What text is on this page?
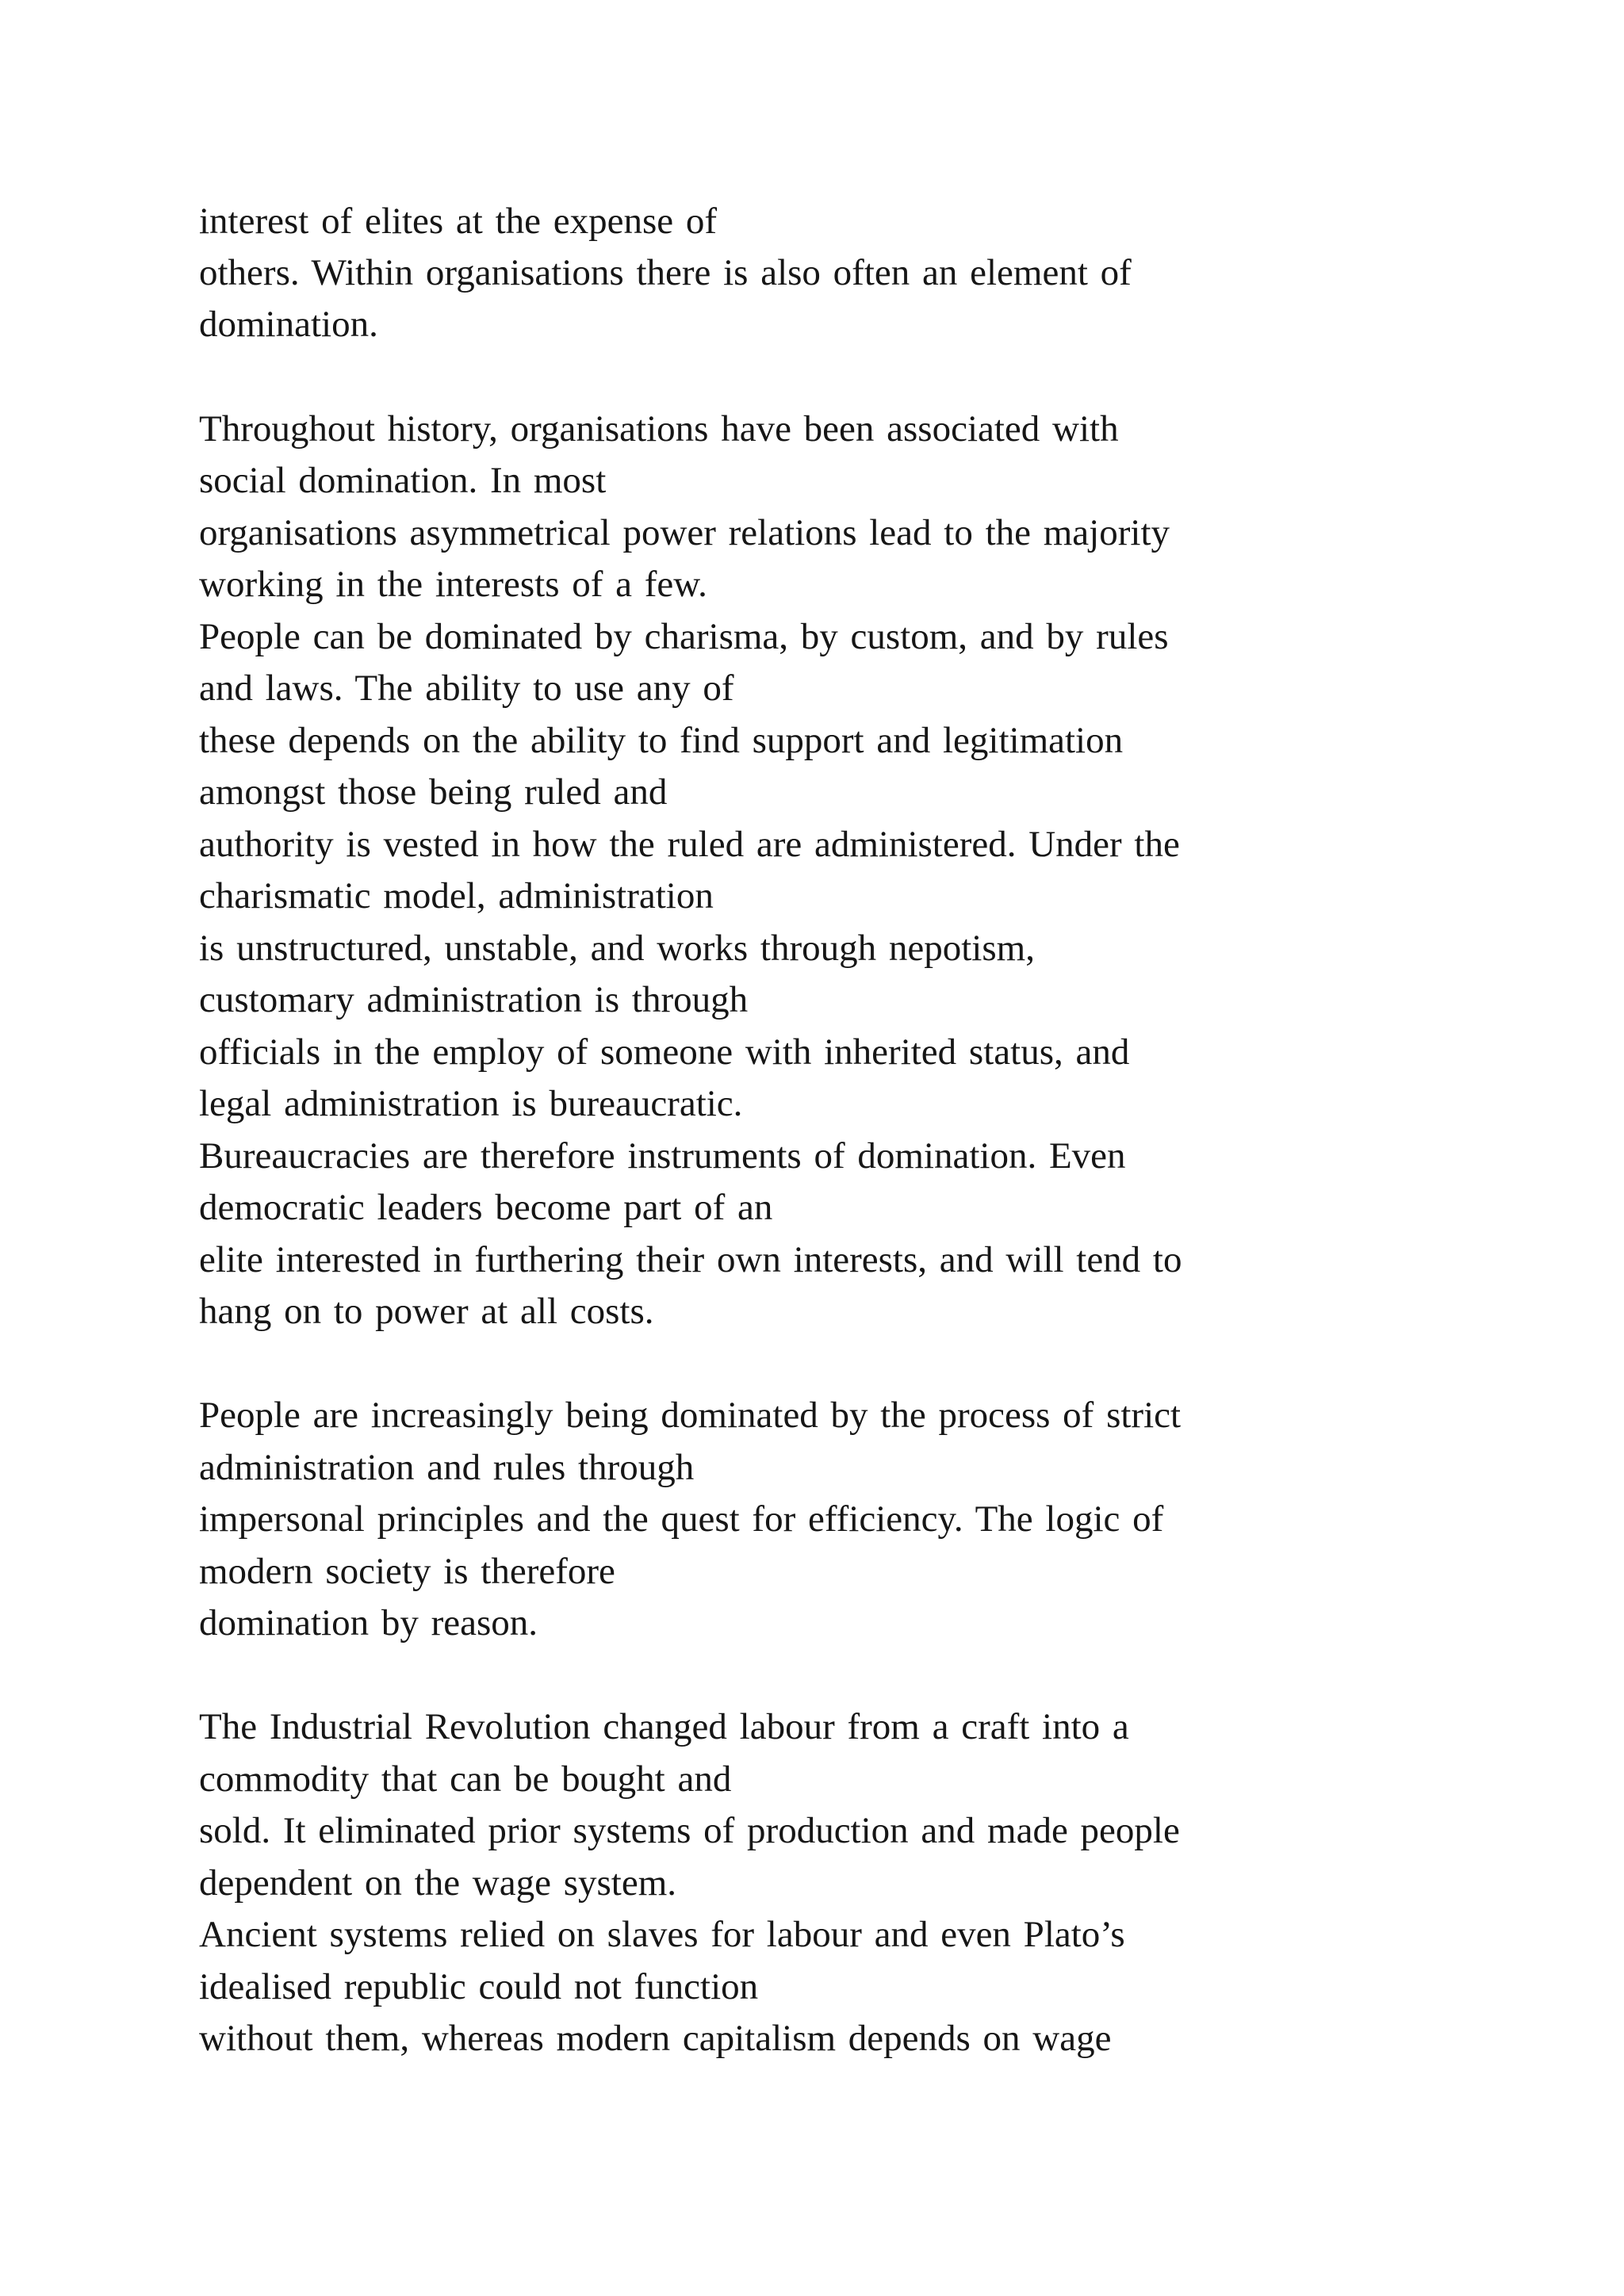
interest of elites at the expense of

others. Within organisations there is also often an element of

domination.

Throughout history, organisations have been associated with

social domination. In most

organisations asymmetrical power relations lead to the majority

working in the interests of a few.

People can be dominated by charisma, by custom, and by rules

and laws. The ability to use any of

these depends on the ability to find support and legitimation

amongst those being ruled and

authority is vested in how the ruled are administered. Under the

charismatic model, administration

is unstructured, unstable, and works through nepotism,

customary administration is through

officials in the employ of someone with inherited status, and

legal administration is bureaucratic.

Bureaucracies are therefore instruments of domination. Even

democratic leaders become part of an

elite interested in furthering their own interests, and will tend to

hang on to power at all costs.

People are increasingly being dominated by the process of strict

administration and rules through

impersonal principles and the quest for efficiency. The logic of

modern society is therefore

domination by reason.

The Industrial Revolution changed labour from a craft into a

commodity that can be bought and

sold. It eliminated prior systems of production and made people

dependent on the wage system.

Ancient systems relied on slaves for labour and even Plato’s

idealised republic could not function

without them, whereas modern capitalism depends on wage
